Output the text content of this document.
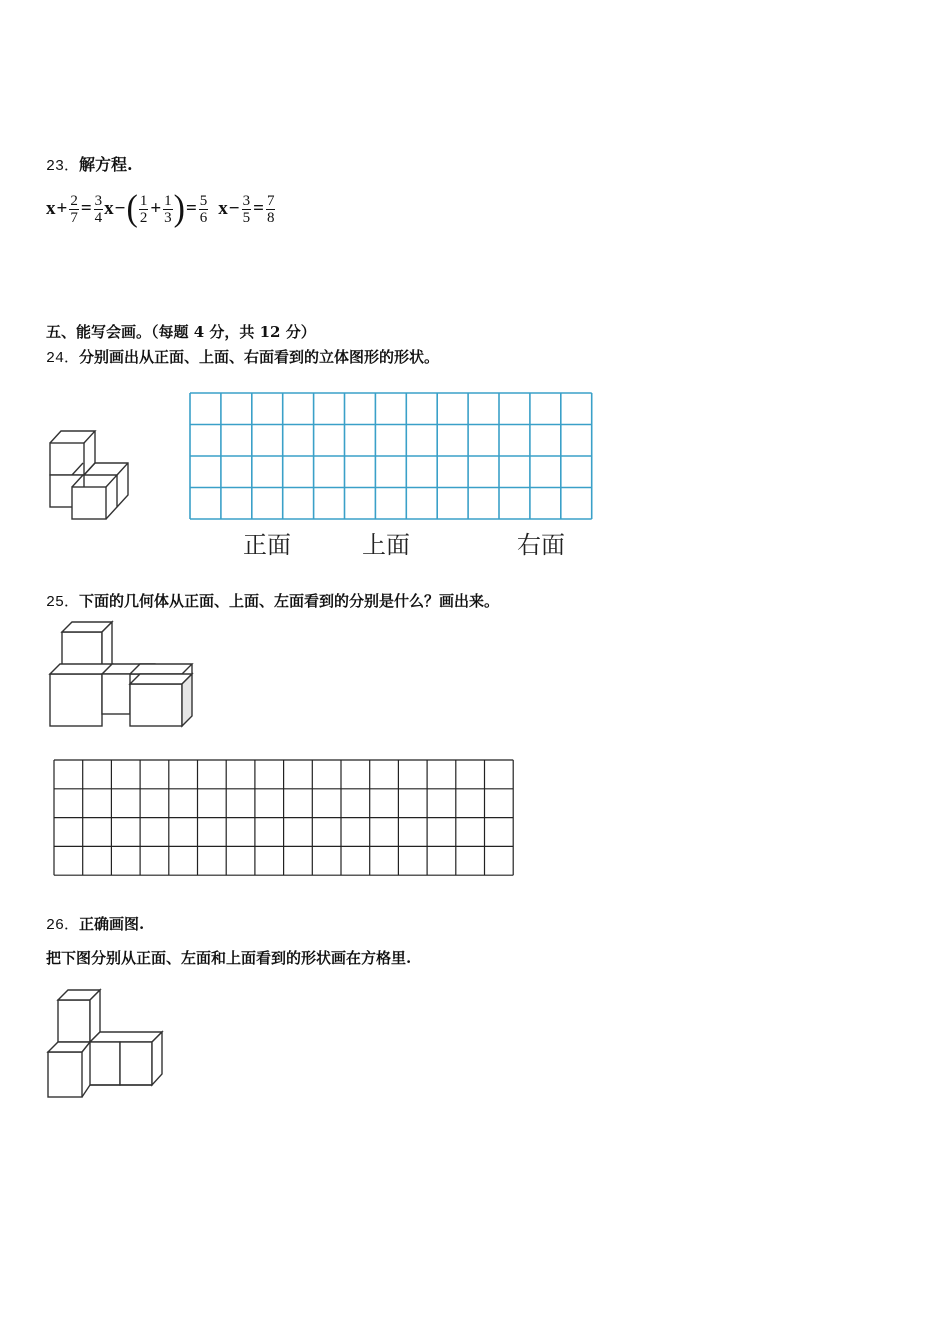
23．解方程.
$x + \frac{2}{7} = \frac{3}{4}$ x − ( $\frac{1}{2} + \frac{1}{3}$ ) = $\frac{5}{6}$ $x - \frac{3}{5} = \frac{7}{8}$
五、能写会画。（每题 4 分，共 12 分）
24．分别画出从正面、上面、右面看到的立体图形的形状。
正面	上面	右面
25．下面的几何体从正面、上面、左面看到的分别是什么？画出来。
26．正确画图.
把下图分别从正面、左面和上面看到的形状画在方格里.
